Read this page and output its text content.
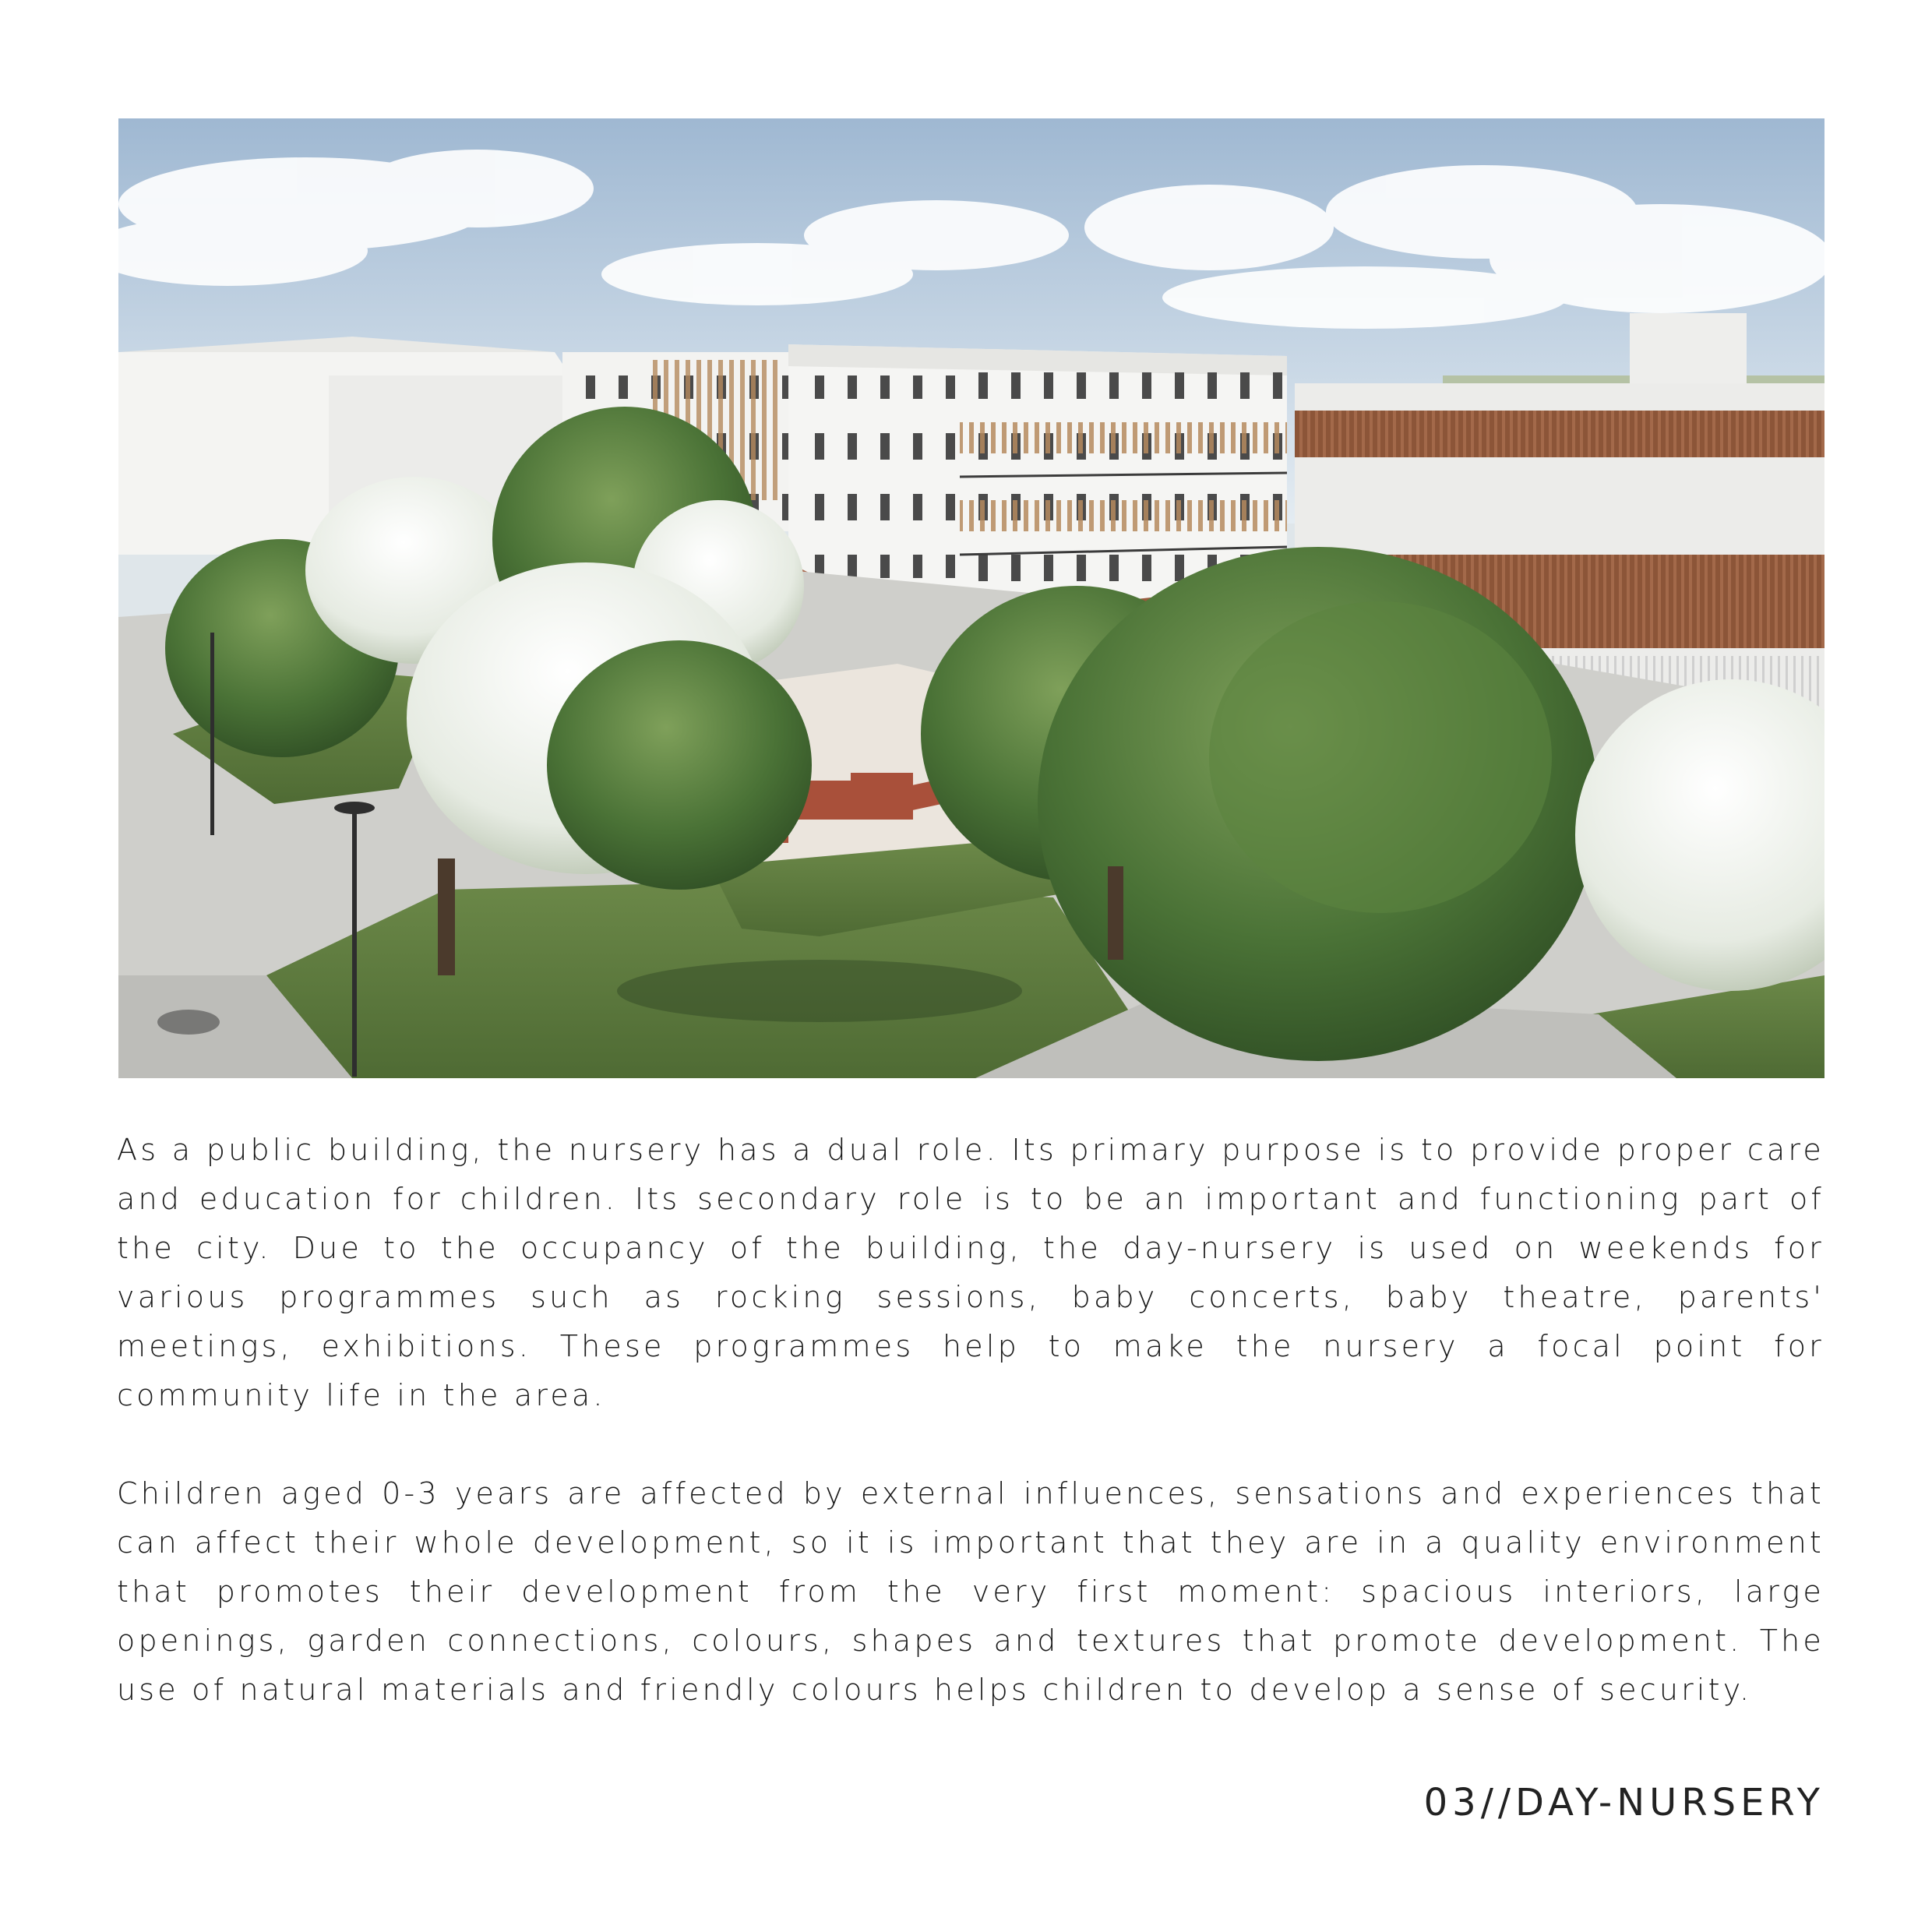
As a public building, the nursery has a dual role. Its primary purpose is to provide proper care and education for children. Its secondary role is to be an important and functioning part of the city. Due to the occupancy of the building, the day-nursery is used on weekends for various programmes such as rocking sessions, baby concerts, baby theatre, parents' meetings, exhibitions. These programmes help to make the nursery a focal point for community life in the area.

Children aged 0-3 years are affected by external influences, sensations and experiences that can affect their whole development, so it is important that they are in a quality environment that promotes their development from the very first moment: spacious interiors, large openings, garden connections, colours, shapes and textures that promote development. The use of natural materials and friendly colours helps children to develop a sense of security.

03//DAY-NURSERY
